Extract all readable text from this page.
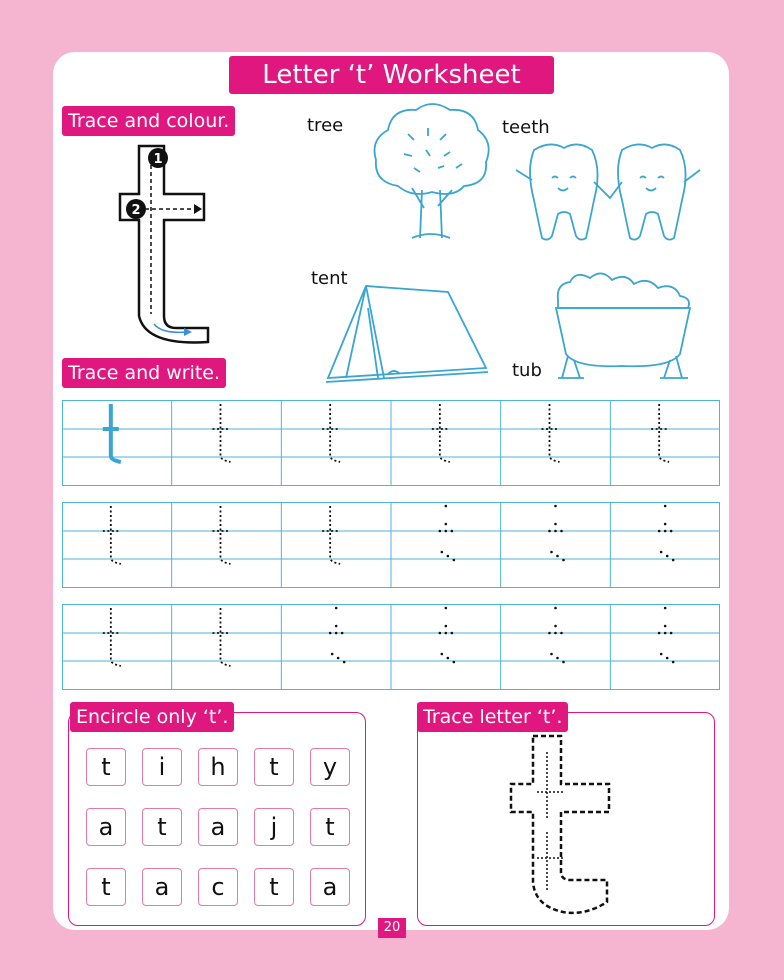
Letter ‘t’ Worksheet
Trace and colour.
1
2
tree	teeth
tent
tub
Trace and write.
Encircle only ‘t’.
t	i	h	t	y
a	t	a	j	t
t	a	c	t	a
Trace letter ‘t’.
20
